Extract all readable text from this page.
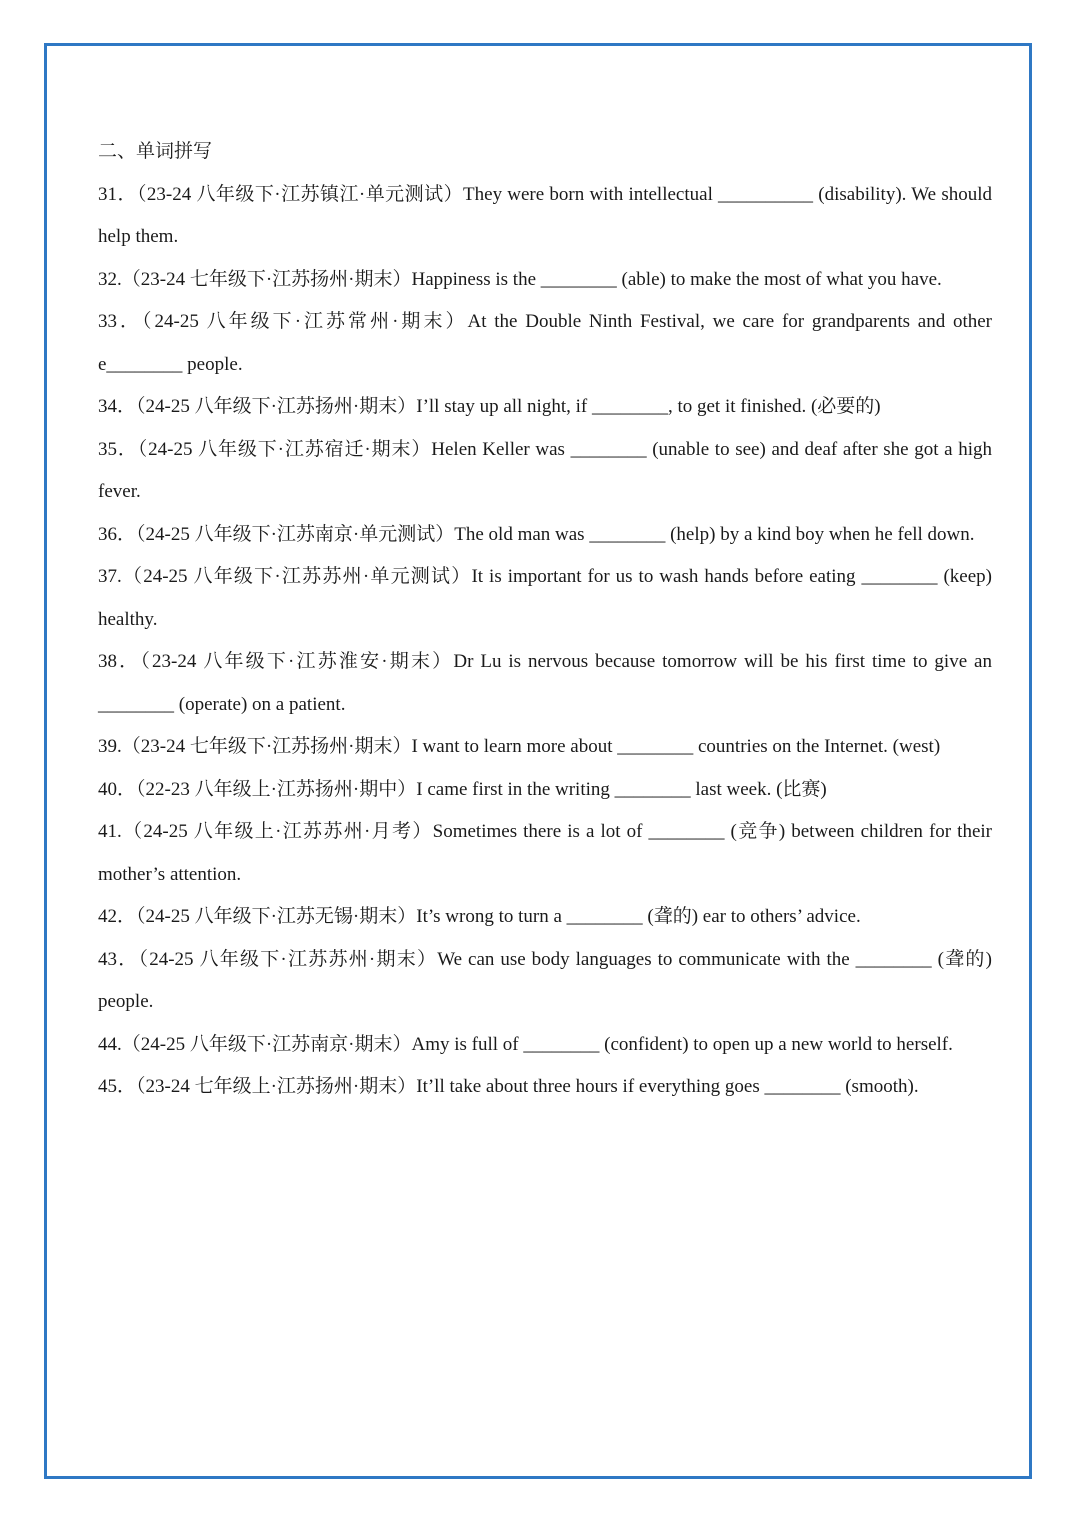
二、单词拼写

31．（23-24 八年级下·江苏镇江·单元测试）They were born with intellectual __________ (disability). We should help them.

32.（23-24 七年级下·江苏扬州·期末）Happiness is the ________ (able) to make the most of what you have.

33．（24-25 八年级下·江苏常州·期末）At the Double Ninth Festival, we care for grandparents and other e________ people.

34．（24-25 八年级下·江苏扬州·期末）I’ll stay up all night, if ________, to get it finished. (必要的)

35．（24-25 八年级下·江苏宿迁·期末）Helen Keller was ________ (unable to see) and deaf after she got a high fever.

36．（24-25 八年级下·江苏南京·单元测试）The old man was ________ (help) by a kind boy when he fell down.

37.（24-25 八年级下·江苏苏州·单元测试）It is important for us to wash hands before eating ________ (keep) healthy.

38．（23-24 八年级下·江苏淮安·期末）Dr Lu is nervous because tomorrow will be his first time to give an ________ (operate) on a patient.

39.（23-24 七年级下·江苏扬州·期末）I want to learn more about ________ countries on the Internet. (west)

40．（22-23 八年级上·江苏扬州·期中）I came first in the writing ________ last week. (比赛)

41.（24-25 八年级上·江苏苏州·月考）Sometimes there is a lot of ________ (竞争) between children for their mother’s attention.

42．（24-25 八年级下·江苏无锡·期末）It’s wrong to turn a ________ (聋的) ear to others’ advice.

43．（24-25 八年级下·江苏苏州·期末）We can use body languages to communicate with the ________ (聋的) people.

44.（24-25 八年级下·江苏南京·期末）Amy is full of ________ (confident) to open up a new world to herself.

45．（23-24 七年级上·江苏扬州·期末）It’ll take about three hours if everything goes ________ (smooth).
